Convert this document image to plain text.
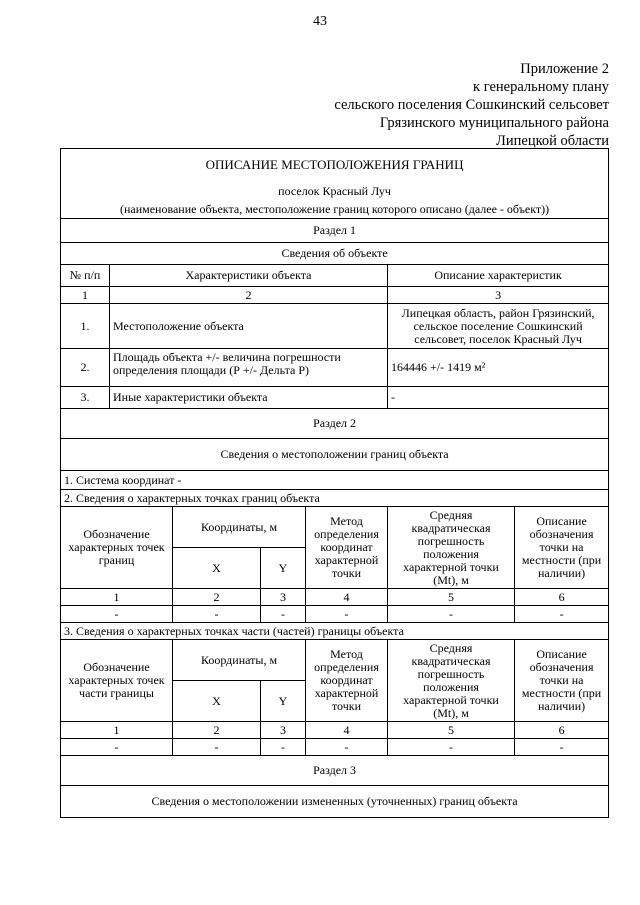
43
Приложение 2
к генеральному плану
сельского поселения Сошкинский сельсовет
Грязинского муниципального района
Липецкой области
ОПИСАНИЕ МЕСТОПОЛОЖЕНИЯ ГРАНИЦ						
поселок Красный Луч						
(наименование объекта, местоположение границ которого описано (далее - объект))						
Раздел 1						
Сведения об объекте						
№ п/п	Характеристики объекта				Описание характеристик	
1	2				3	
1.	Местоположение объекта				Липецкая область, район Грязинский, сельское поселение Сошкинский сельсовет, поселок Красный Луч	
2.	Площадь объекта +/- величина погрешности определения площади (Р +/- Дельта Р)				164446 +/- 1419 м²	
3.	Иные характеристики объекта				-	
Раздел 2						
Сведения о местоположении границ объекта						
1. Система координат -						
2. Сведения о характерных точках границ объекта						
Обозначение характерных точек границ		Координаты, м		Метод определения координат характерной точки	Средняя квадратическая погрешность положения характерной точки (Mt), м	Описание обозначения точки на местности (при наличии)
		X	Y			
1		2	3	4	5	6
-		-	-	-	-	-
3. Сведения о характерных точках части (частей) границы объекта						
Обозначение характерных точек части границы		Координаты, м		Метод определения координат характерной точки	Средняя квадратическая погрешность положения характерной точки (Mt), м	Описание обозначения точки на местности (при наличии)
		X	Y			
1		2	3	4	5	6
-		-	-	-	-	-
Раздел 3						
Сведения о местоположении измененных (уточненных) границ объекта						
